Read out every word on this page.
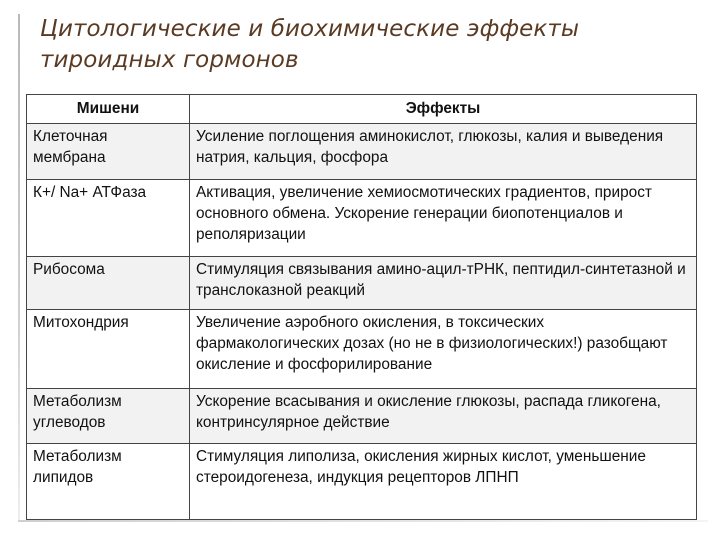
Цитологические и биохимические эффекты тироидных гормонов
Мишени	Эффекты
Клеточная мембрана	Усиление поглощения аминокислот, глюкозы, калия и выведения натрия, кальция, фосфора
К+/ Nа+ АТФаза	Активация, увеличение хемиосмотических градиентов, прирост основного обмена. Ускорение генерации биопотенциалов и реполяризации
Рибосома	Стимуляция связывания амино-ацил-тРНК, пептидил-синтетазной и транслоказной реакций
Митохондрия	Увеличение аэробного окисления, в токсических фармакологических дозах (но не в физиологических!) разобщают окисление и фосфорилирование
Метаболизм углеводов	Ускорение всасывания и окисление глюкозы, распада гликогена, контринсулярное действие
Метаболизм липидов	Стимуляция липолиза, окисления жирных кислот, уменьшение стероидогенеза, индукция рецепторов ЛПНП
